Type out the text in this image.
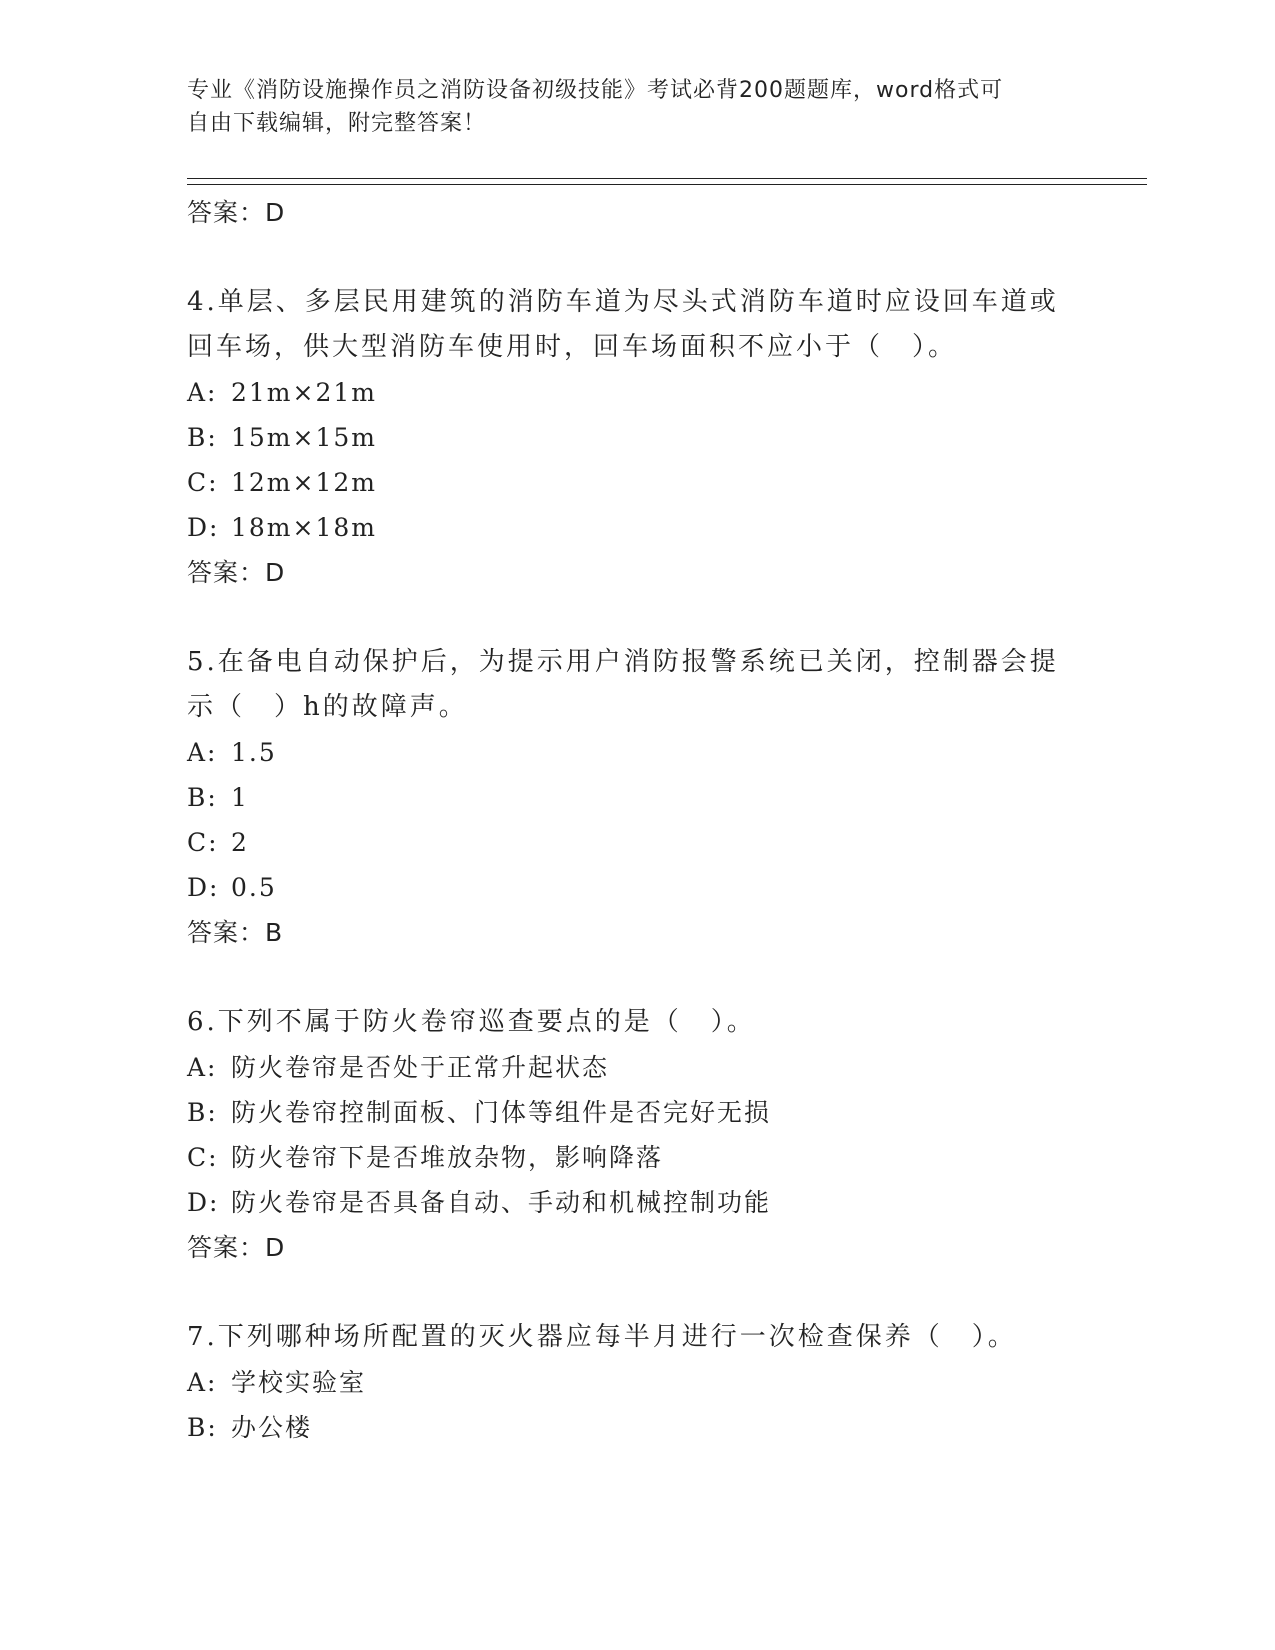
专业《消防设施操作员之消防设备初级技能》考试必背200题题库，word格式可
自由下载编辑，附完整答案！
答案：D
4.单层、多层民用建筑的消防车道为尽头式消防车道时应设回车道或
回车场，供大型消防车使用时，回车场面积不应小于（　）。
A: 21m×21m
B: 15m×15m
C: 12m×12m
D: 18m×18m
答案：D
5.在备电自动保护后，为提示用户消防报警系统已关闭，控制器会提
示（　）h的故障声。
A: 1.5
B: 1
C: 2
D: 0.5
答案：B
6.下列不属于防火卷帘巡查要点的是（　）。
A: 防火卷帘是否处于正常升起状态
B: 防火卷帘控制面板、门体等组件是否完好无损
C: 防火卷帘下是否堆放杂物，影响降落
D: 防火卷帘是否具备自动、手动和机械控制功能
答案：D
7.下列哪种场所配置的灭火器应每半月进行一次检查保养（　）。
A: 学校实验室
B: 办公楼
